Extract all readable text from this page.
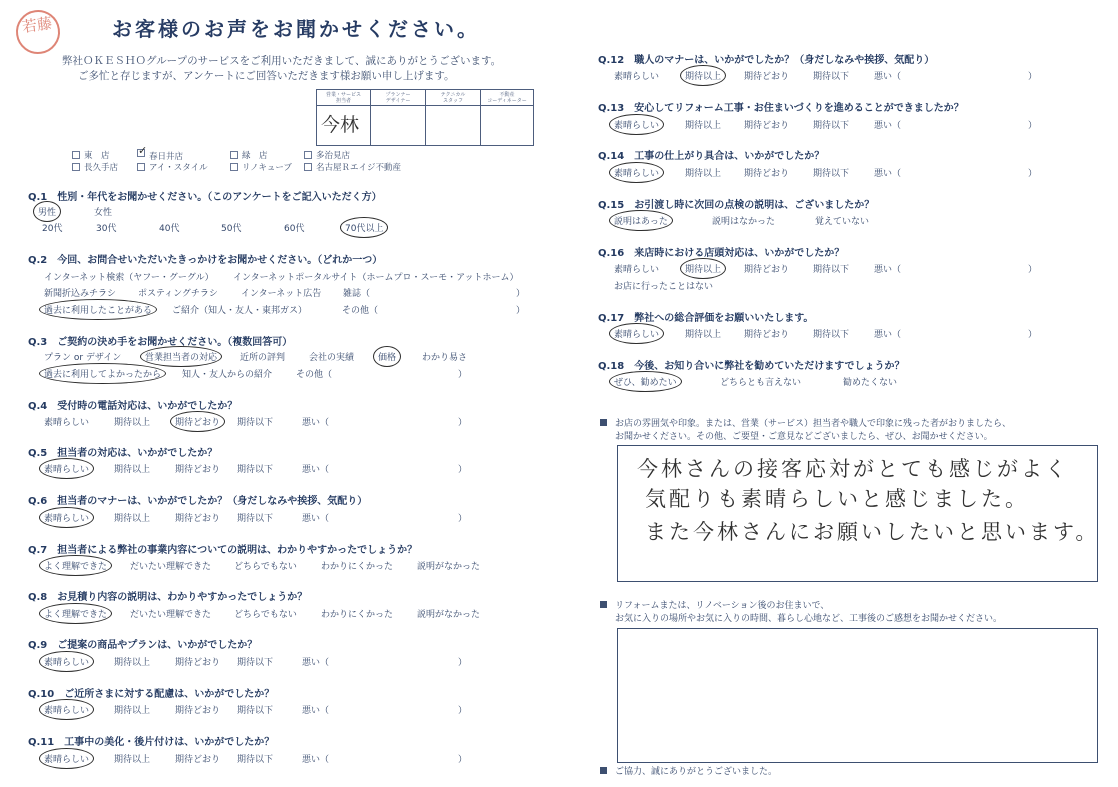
若藤	お客様のお声をお聞かせください。
弊社ＯＫＥＳＨＯグループのサービスをご利用いただきまして、誠にありがとうございます。
ご多忙と存じますが、アンケートにご回答いただきます様お願い申し上げます。
営業・サービス
担当者
今林
プランナー
デザイナー
テクニカル
スタッフ
不動産
コーディネーター
東　店
✓	春日井店	緑　店	多治見店
長久手店	アイ・スタイル	リノキューブ	名古屋Ｒエイジ不動産
Q.1　 性別・年代をお聞かせください。（このアンケートをご記入いただく方）
男性	女性
20代	30代	40代	50代	60代	70代以上
Q.2　 今回、お問合せいただいたきっかけをお聞かせください。（どれか一つ）
インターネット検索（ヤフー・グーグル） インターネットポータルサイト（ホームプロ・スーモ・アットホーム）
新聞折込みチラシ ポスティングチラシ	インターネット広告 雑誌（	）
過去に利用したことがある ご紹介（知人・友人・東邦ガス）	その他（	）
Q.3　 ご契約の決め手をお聞かせください。（複数回答可）
プラン or デザイン	営業担当者の対応	近所の評判	会社の実績	価格	わかり易さ
過去に利用してよかったから 知人・友人からの紹介	その他（	）
Q.4　 受付時の電話対応は、いかがでしたか？
素晴らしい	期待以上	期待どおり 期待以下	悪い（	）
Q.5　 担当者の対応は、いかがでしたか？
素晴らしい	期待以上	期待どおり 期待以下	悪い（	）
Q.6　 担当者のマナーは、いかがでしたか？（身だしなみや挨拶、気配り）
素晴らしい	期待以上	期待どおり 期待以下	悪い（	）
Q.7　 担当者による弊社の事業内容についての説明は、わかりやすかったでしょうか？
よく理解できた	だいたい理解できた	どちらでもない	わかりにくかった	説明がなかった
Q.8　 お見積り内容の説明は、わかりやすかったでしょうか？
よく理解できた	だいたい理解できた	どちらでもない	わかりにくかった	説明がなかった
Q.9　 ご提案の商品やプランは、いかがでしたか？
素晴らしい	期待以上	期待どおり 期待以下	悪い（	）
Q.10　 ご近所さまに対する配慮は、いかがでしたか？
素晴らしい	期待以上	期待どおり 期待以下	悪い（	）
Q.11　 工事中の美化・後片付けは、いかがでしたか？
素晴らしい	期待以上	期待どおり 期待以下	悪い（	）
Q.12　 職人のマナーは、いかがでしたか？（身だしなみや挨拶、気配り）
素晴らしい	期待以上	期待どおり	期待以下	悪い（	）
Q.13　 安心してリフォーム工事・お住まいづくりを進めることができましたか？
素晴らしい	期待以上	期待どおり	期待以下	悪い（	）
Q.14　 工事の仕上がり具合は、いかがでしたか？
素晴らしい	期待以上	期待どおり	期待以下	悪い（	）
Q.15　 お引渡し時に次回の点検の説明は、ございましたか？
説明はあった	説明はなかった	覚えていない
Q.16　 来店時における店頭対応は、いかがでしたか？
素晴らしい	期待以上	期待どおり	期待以下	悪い（	）
お店に行ったことはない
Q.17　 弊社への総合評価をお願いいたします。
素晴らしい	期待以上	期待どおり	期待以下	悪い（	）
Q.18　 今後、お知り合いに弊社を勧めていただけますでしょうか？
ぜひ、勧めたい	どちらとも言えない	勧めたくない
お店の雰囲気や印象。または、営業（サービス）担当者や職人で印象に残った者がおりましたら、
お聞かせください。その他、ご要望・ご意見などございましたら、ぜひ、お聞かせください。
今林さんの接客応対がとても感じがよく
気配りも素晴らしいと感じました。
また今林さんにお願いしたいと思います。
リフォームまたは、リノベーション後のお住まいで、
お気に入りの場所やお気に入りの時間、暮らし心地など、工事後のご感想をお聞かせください。
ご協力、誠にありがとうございました。
